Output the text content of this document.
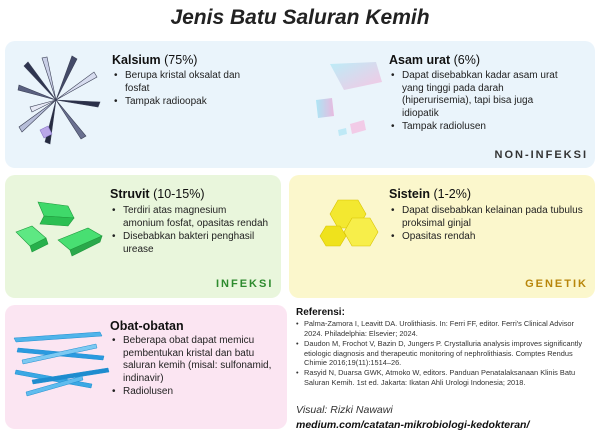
Jenis Batu Saluran Kemih
Kalsium (75%)
• Berupa kristal oksalat dan fosfat
• Tampak radioopak
Asam urat (6%)
• Dapat disebabkan kadar asam urat yang tinggi pada darah (hiperurisemia), tapi bisa juga idiopatik
• Tampak radiolusen
NON-INFEKSI
Struvit (10-15%)
• Terdiri atas magnesium amonium fosfat, opasitas rendah
• Disebabkan bakteri penghasil urease
INFEKSI
Sistein (1-2%)
• Dapat disebabkan kelainan pada tubulus proksimal ginjal
• Opasitas rendah
GENETIK
Obat-obatan
• Beberapa obat dapat memicu pembentukan kristal dan batu saluran kemih (misal: sulfonamid, indinavir)
• Radiolusen
Referensi:
• Palma-Zamora I, Leavitt DA. Urolithiasis. In: Ferri FF, editor. Ferri's Clinical Advisor 2024. Philadelphia: Elsevier; 2024.
• Daudon M, Frochot V, Bazin D, Jungers P. Crystalluria analysis improves significantly etiologic diagnosis and therapeutic monitoring of nephrolithiasis. Comptes Rendus Chimie 2016;19(11):1514–26.
• Rasyid N, Duarsa GWK, Atmoko W, editors. Panduan Penatalaksanaan Klinis Batu Saluran Kemih. 1st ed. Jakarta: Ikatan Ahli Urologi Indonesia; 2018.
Visual: Rizki Nawawi
medium.com/catatan-mikrobiologi-kedokteran/
